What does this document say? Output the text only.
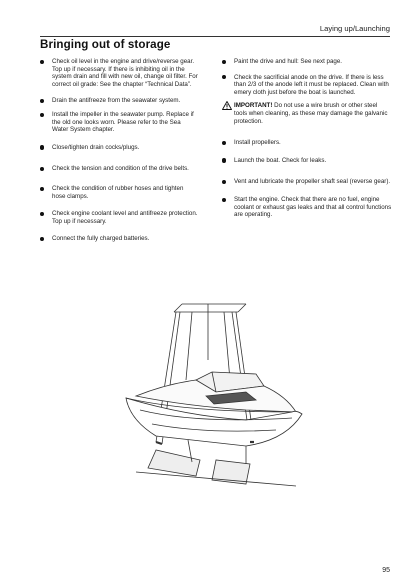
Laying up/Launching
Bringing out of storage
Check oil level in the engine and drive/reverse gear. Top up if necessary. If there is inhibiting oil in the system drain and fill with new oil, change oil filter. For correct oil grade: See the chapter “Technical Data”.
Drain the antifreeze from the seawater system.
Install the impeller in the seawater pump. Replace if the old one looks worn. Please refer to the Sea Water System chapter.
Close/tighten drain cocks/plugs.
Check the tension and condition of the drive belts.
Check the condition of rubber hoses and tighten hose clamps.
Check engine coolant level and antifreeze protection. Top up if necessary.
Connect the fully charged batteries.
Paint the drive and hull: See next page.
Check the sacrificial anode on the drive. If there is less than 2/3 of the anode left it must be replaced. Clean with emery cloth just before the boat is launched.
IMPORTANT! Do not use a wire brush or other steel tools when cleaning, as these may damage the galvanic protection.
Install propellers.
Launch the boat. Check for leaks.
Vent and lubricate the propeller shaft seal (reverse gear).
Start the engine. Check that there are no fuel, engine coolant or exhaust gas leaks and that all control functions are operating.
95
